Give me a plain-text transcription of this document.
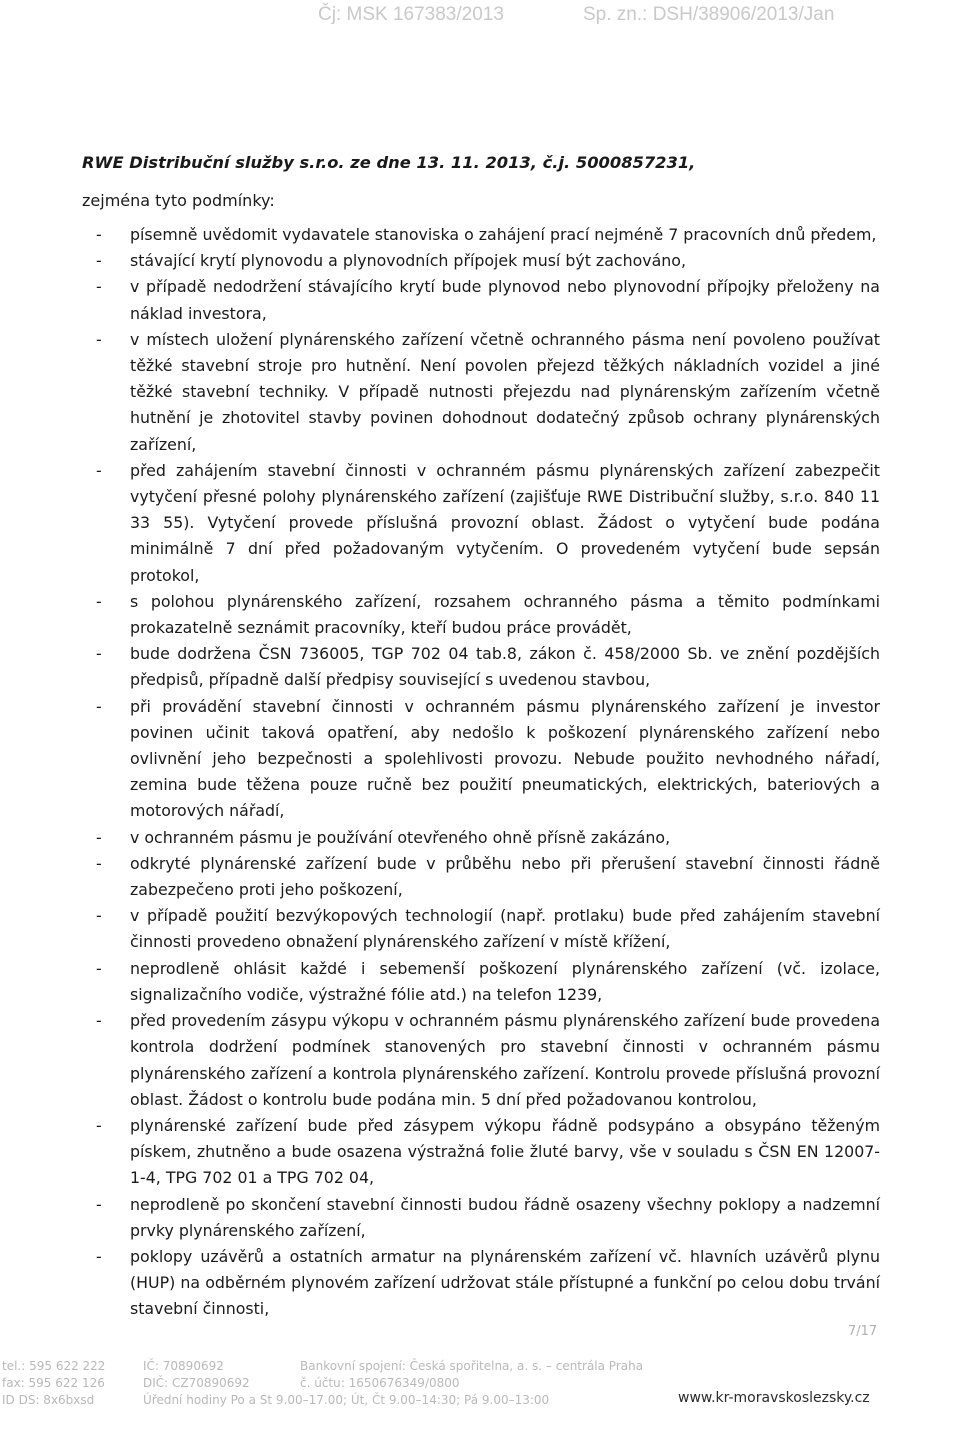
Čj: MSK 167383/2013	Sp. zn.: DSH/38906/2013/Jan

RWE Distribuční služby s.r.o. ze dne 13. 11. 2013, č.j. 5000857231,

zejména tyto podmínky:
- písemně uvědomit vydavatele stanoviska o zahájení prací nejméně 7 pracovních dnů předem,
- stávající krytí plynovodu a plynovodních přípojek musí být zachováno,
- v případě nedodržení stávajícího krytí bude plynovod nebo plynovodní přípojky přeloženy na náklad investora,
- v místech uložení plynárenského zařízení včetně ochranného pásma není povoleno používat těžké stavební stroje pro hutnění. Není povolen přejezd těžkých nákladních vozidel a jiné těžké stavební techniky. V případě nutnosti přejezdu nad plynárenským zařízením včetně hutnění je zhotovitel stavby povinen dohodnout dodatečný způsob ochrany plynárenských zařízení,
- před zahájením stavební činnosti v ochranném pásmu plynárenských zařízení zabezpečit vytyčení přesné polohy plynárenského zařízení (zajišťuje RWE Distribuční služby, s.r.o. 840 11 33 55). Vytyčení provede příslušná provozní oblast. Žádost o vytyčení bude podána minimálně 7 dní před požadovaným vytyčením. O provedeném vytyčení bude sepsán protokol,
- s polohou plynárenského zařízení, rozsahem ochranného pásma a těmito podmínkami prokazatelně seznámit pracovníky, kteří budou práce provádět,
- bude dodržena ČSN 736005, TGP 702 04 tab.8, zákon č. 458/2000 Sb. ve znění pozdějších předpisů, případně další předpisy související s uvedenou stavbou,
- při provádění stavební činnosti v ochranném pásmu plynárenského zařízení je investor povinen učinit taková opatření, aby nedošlo k poškození plynárenského zařízení nebo ovlivnění jeho bezpečnosti a spolehlivosti provozu. Nebude použito nevhodného nářadí, zemina bude těžena pouze ručně bez použití pneumatických, elektrických, bateriových a motorových nářadí,
- v ochranném pásmu je používání otevřeného ohně přísně zakázáno,
- odkryté plynárenské zařízení bude v průběhu nebo při přerušení stavební činnosti řádně zabezpečeno proti jeho poškození,
- v případě použití bezvýkopových technologií (např. protlaku) bude před zahájením stavební činnosti provedeno obnažení plynárenského zařízení v místě křížení,
- neprodleně ohlásit každé i sebemenší poškození plynárenského zařízení (vč. izolace, signalizačního vodiče, výstražné fólie atd.) na telefon 1239,
- před provedením zásypu výkopu v ochranném pásmu plynárenského zařízení bude provedena kontrola dodržení podmínek stanovených pro stavební činnosti v ochranném pásmu plynárenského zařízení a kontrola plynárenského zařízení. Kontrolu provede příslušná provozní oblast. Žádost o kontrolu bude podána min. 5 dní před požadovanou kontrolou,
- plynárenské zařízení bude před zásypem výkopu řádně podsypáno a obsypáno těženým pískem, zhutněno a bude osazena výstražná folie žluté barvy, vše v souladu s ČSN EN 12007-1-4, TPG 702 01 a TPG 702 04,
- neprodleně po skončení stavební činnosti budou řádně osazeny všechny poklopy a nadzemní prvky plynárenského zařízení,
- poklopy uzávěrů a ostatních armatur na plynárenském zařízení vč. hlavních uzávěrů plynu (HUP) na odběrném plynovém zařízení udržovat stále přístupné a funkční po celou dobu trvání stavební činnosti,
7/17
tel.: 595 622 222
fax: 595 622 126
ID DS: 8x6bxsd
IČ: 70890692
DIČ: CZ70890692
Úřední hodiny Po a St 9.00–17.00; Út, Čt 9.00–14:30; Pá 9.00–13:00
Bankovní spojení: Česká spořitelna, a. s. – centrála Praha
č. účtu: 1650676349/0800
www.kr-moravskoslezsky.cz
